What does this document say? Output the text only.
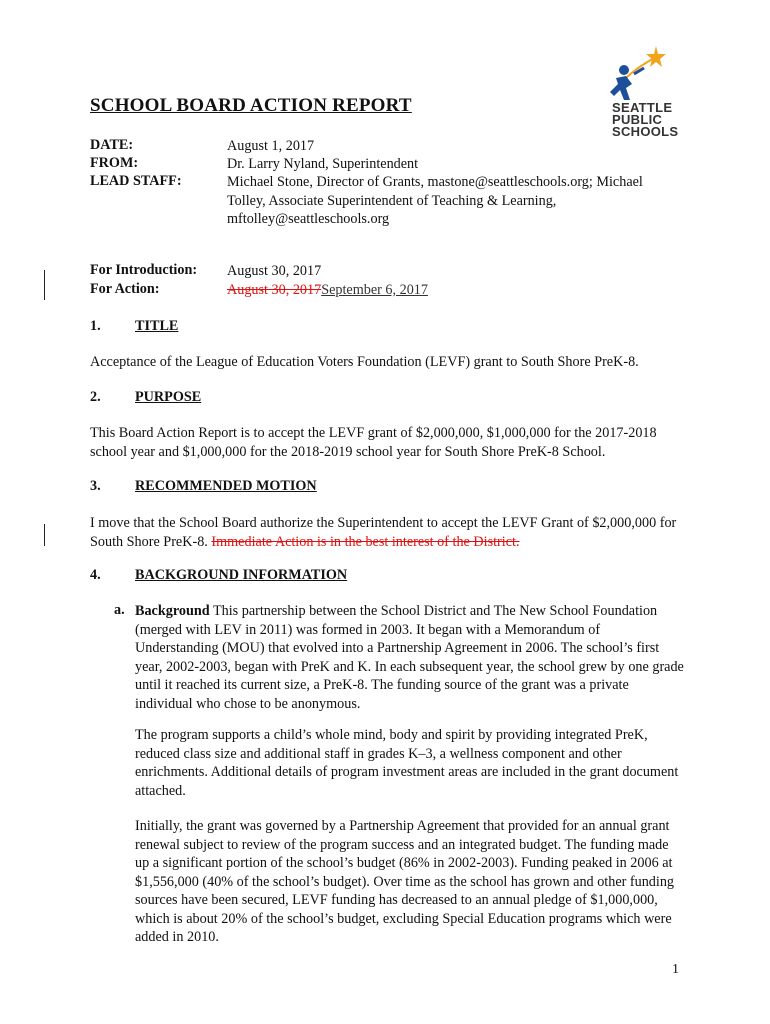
SEATTLE
PUBLIC
SCHOOLS
SCHOOL BOARD ACTION REPORT
DATE:	August 1, 2017
FROM:	Dr. Larry Nyland, Superintendent
LEAD STAFF:	Michael Stone, Director of Grants, mastone@seattleschools.org; Michael Tolley, Associate Superintendent of Teaching & Learning, mftolley@seattleschools.org
For Introduction: August 30, 2017
For Action:	August 30, 2017September 6, 2017
1. TITLE
Acceptance of the League of Education Voters Foundation (LEVF) grant to South Shore PreK-8.
2. PURPOSE
This Board Action Report is to accept the LEVF grant of $2,000,000, $1,000,000 for the 2017-2018 school year and $1,000,000 for the 2018-2019 school year for South Shore PreK-8 School.
3. RECOMMENDED MOTION
I move that the School Board authorize the Superintendent to accept the LEVF Grant of $2,000,000 for South Shore PreK-8. Immediate Action is in the best interest of the District.
4. BACKGROUND INFORMATION
a. Background This partnership between the School District and The New School Foundation (merged with LEV in 2011) was formed in 2003. It began with a Memorandum of Understanding (MOU) that evolved into a Partnership Agreement in 2006. The school’s first year, 2002-2003, began with PreK and K. In each subsequent year, the school grew by one grade until it reached its current size, a PreK-8. The funding source of the grant was a private individual who chose to be anonymous.
The program supports a child’s whole mind, body and spirit by providing integrated PreK, reduced class size and additional staff in grades K–3, a wellness component and other enrichments. Additional details of program investment areas are included in the grant document attached.
Initially, the grant was governed by a Partnership Agreement that provided for an annual grant renewal subject to review of the program success and an integrated budget. The funding made up a significant portion of the school’s budget (86% in 2002-2003). Funding peaked in 2006 at $1,556,000 (40% of the school’s budget). Over time as the school has grown and other funding sources have been secured, LEVF funding has decreased to an annual pledge of $1,000,000, which is about 20% of the school’s budget, excluding Special Education programs which were added in 2010.
1
